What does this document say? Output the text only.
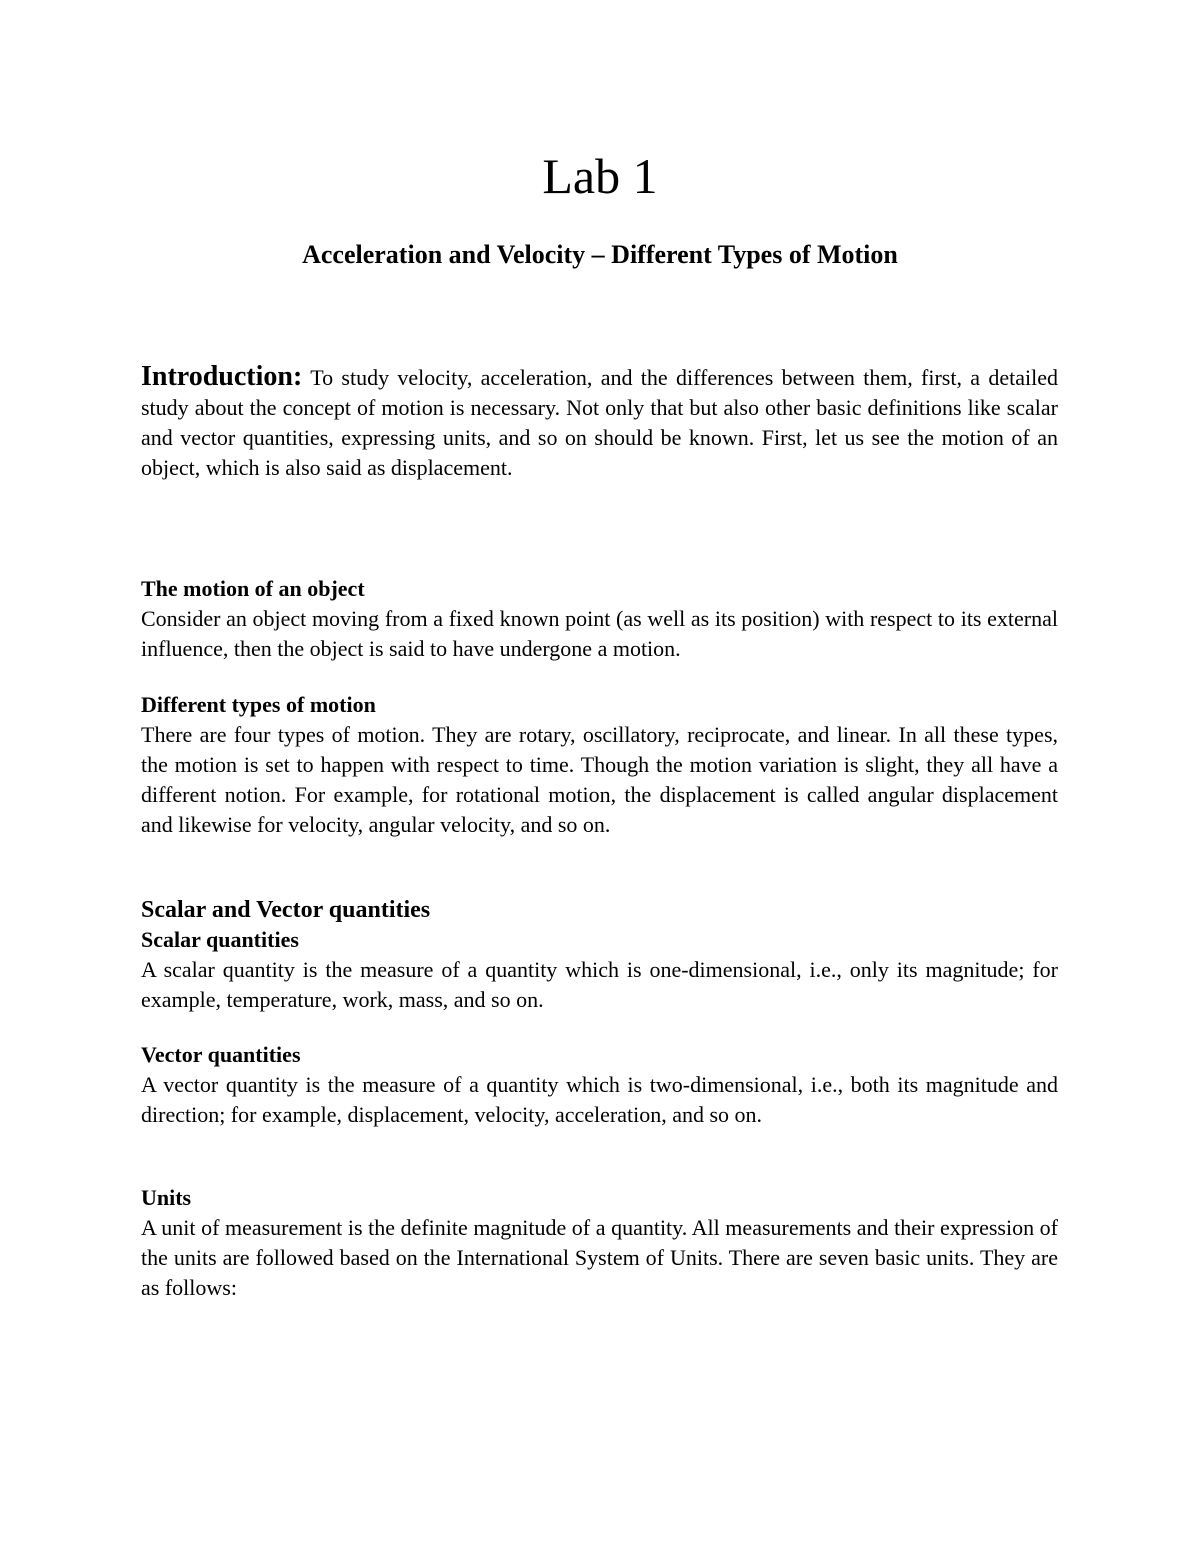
Lab 1
Acceleration and Velocity – Different Types of Motion

Introduction: To study velocity, acceleration, and the differences between them, first, a detailed study about the concept of motion is necessary. Not only that but also other basic definitions like scalar and vector quantities, expressing units, and so on should be known. First, let us see the motion of an object, which is also said as displacement.

The motion of an object
Consider an object moving from a fixed known point (as well as its position) with respect to its external influence, then the object is said to have undergone a motion.
Different types of motion
There are four types of motion. They are rotary, oscillatory, reciprocate, and linear. In all these types, the motion is set to happen with respect to time. Though the motion variation is slight, they all have a different notion. For example, for rotational motion, the displacement is called angular displacement and likewise for velocity, angular velocity, and so on.
Scalar and Vector quantities
Scalar quantities
A scalar quantity is the measure of a quantity which is one-dimensional, i.e., only its magnitude; for example, temperature, work, mass, and so on.
Vector quantities
A vector quantity is the measure of a quantity which is two-dimensional, i.e., both its magnitude and direction; for example, displacement, velocity, acceleration, and so on.
Units
A unit of measurement is the definite magnitude of a quantity. All measurements and their expression of the units are followed based on the International System of Units. There are seven basic units. They are as follows:
